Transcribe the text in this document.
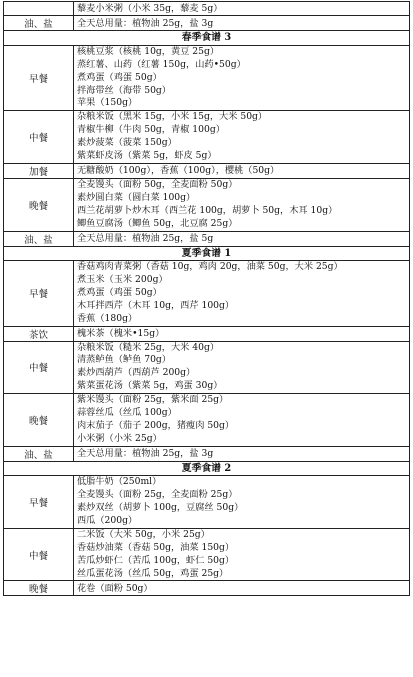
	藜麦小米粥（小米 35g，藜麦 5g）

油、盐	全天总用量：植物油 25g，盐 3g

春季食谱 3	
早餐	核桃豆浆（核桃 10g，黄豆 25g）
蒸红薯、山药（红薯 150g，山药•50g）
煮鸡蛋（鸡蛋 50g）
拌海带丝（海带 50g）
苹果（150g）

中餐	杂粮米饭（黑米 15g，小米 15g，大米 50g）
青椒牛柳（牛肉 50g，青椒 100g）
素炒菠菜（菠菜 150g）
紫菜虾皮汤（紫菜 5g，虾皮 5g）

加餐	无糖酸奶（100g），香蕉（100g），樱桃（50g）

晚餐	全麦馒头（面粉 50g，全麦面粉 50g）
素炒圆白菜（圆白菜 100g）
西兰花胡萝卜炒木耳（西兰花 100g，胡萝卜 50g，木耳 10g）
鲫鱼豆腐汤（鲫鱼 50g，北豆腐 25g）

油、盐	全天总用量：植物油 25g，盐 5g

夏季食谱 1	
早餐	香菇鸡肉青菜粥（香菇 10g，鸡肉 20g，油菜 50g，大米 25g）
煮玉米（玉米 200g）
煮鸡蛋（鸡蛋 50g）
木耳拌西芹（木耳 10g，西芹 100g）
香蕉（180g）

茶饮	槐米茶（槐米•15g）

中餐	杂粮米饭（糙米 25g，大米 40g）
清蒸鲈鱼（鲈鱼 70g）
素炒西葫芦（西葫芦 200g）
紫菜蛋花汤（紫菜 5g，鸡蛋 30g）

晚餐	紫米馒头（面粉 25g，紫米面 25g）
蒜蓉丝瓜（丝瓜 100g）
肉末茄子（茄子 200g，猪瘦肉 50g）
小米粥（小米 25g）

油、盐	全天总用量：植物油 25g，盐 3g

夏季食谱 2	
早餐	低脂牛奶（250ml）
全麦馒头（面粉 25g，全麦面粉 25g）
素炒双丝（胡萝卜 100g，豆腐丝 50g）
西瓜（200g）

中餐	二米饭（大米 50g，小米 25g）
香菇炒油菜（香菇 50g，油菜 150g）
苦瓜炒虾仁（苦瓜 100g，虾仁 50g）
丝瓜蛋花汤（丝瓜 50g，鸡蛋 25g）

晚餐	花卷（面粉 50g）
